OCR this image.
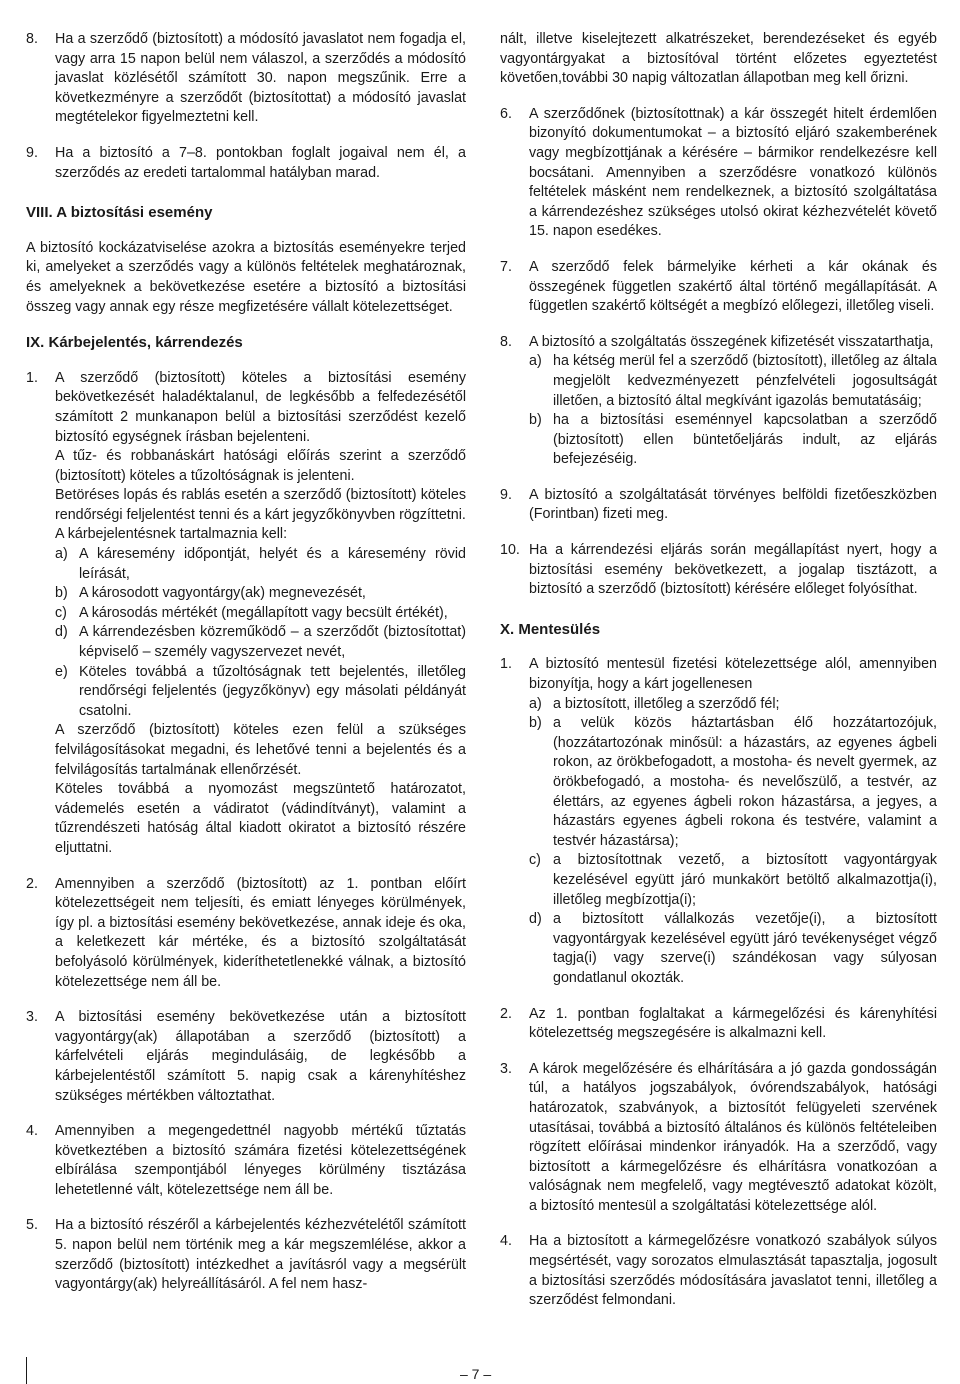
8.	Ha a szerződő (biztosított) a módosító javaslatot nem fogadja el, vagy arra 15 napon belül nem válaszol, a szerződés a módosító javaslat közlésétől számított 30. napon megszűnik. Erre a következményre a szerződőt (biztosítottat) a módosító javaslat megtételekor figyelmeztetni kell.

9.	Ha a biztosító a 7–8. pontokban foglalt jogaival nem él, a szerződés az eredeti tartalommal hatályban marad.

VIII. A biztosítási esemény

A biztosító kockázatviselése azokra a biztosítás eseményekre terjed ki, amelyeket a szerződés vagy a különös feltételek meghatároznak, és amelyeknek a bekövetkezése esetére a biztosító a biztosítási összeg vagy annak egy része megfizetésére vállalt kötelezettséget.

IX. Kárbejelentés, kárrendezés
1.	A szerződő (biztosított) köteles a biztosítási esemény bekövetkezését haladéktalanul, de legkésőbb a felfedezésétől számított 2 munkanapon belül a biztosítási szerződést kezelő biztosító egységnek írásban bejelenteni.

A tűz- és robbanáskárt hatósági előírás szerint a szerződő (biztosított) köteles a tűzoltóságnak is jelenteni.

Betöréses lopás és rablás esetén a szerződő (biztosított) köteles rendőrségi feljelentést tenni és a kárt jegyzőkönyvben rögzíttetni.

A kárbejelentésnek tartalmaznia kell:

a) A káresemény időpontját, helyét és a káresemény rövid leírását,
b) A károsodott vagyontárgy(ak) megnevezését,
c) A károsodás mértékét (megállapított vagy becsült értékét),
d) A kárrendezésben közreműködő – a szerződőt (biztosítottat) képviselő – személy vagyszervezet nevét,
e) Köteles továbbá a tűzoltóságnak tett bejelentés, illetőleg rendőrségi feljelentés (jegyzőkönyv) egy másolati példányát csatolni.

A szerződő (biztosított) köteles ezen felül a szükséges felvilágosításokat megadni, és lehetővé tenni a bejelentés és a felvilágosítás tartalmának ellenőrzését.

Köteles továbbá a nyomozást megszüntető határozatot, vádemelés esetén a vádiratot (vádindítványt), valamint a tűzrendészeti hatóság által kiadott okiratot a biztosító részére eljuttatni.

2.	Amennyiben a szerződő (biztosított) az 1. pontban előírt kötelezettségeit nem teljesíti, és emiatt lényeges körülmények, így pl. a biztosítási esemény bekövetkezése, annak ideje és oka, a keletkezett kár mértéke, és a biztosító szolgáltatását befolyásoló körülmények, kideríthetetlenekké válnak, a biztosító kötelezettsége nem áll be.

3.	A biztosítási esemény bekövetkezése után a biztosított vagyontárgy(ak) állapotában a szerződő (biztosított) a kárfelvételi eljárás megindulásáig, de legkésőbb a kárbejelentéstől számított 5. napig csak a kárenyhítéshez szükséges mértékben változtathat.

4.	Amennyiben a megengedettnél nagyobb mértékű tűztatás következtében a biztosító számára fizetési kötelezettségének elbírálása szempontjából lényeges körülmény tisztázása lehetetlenné vált, kötelezettsége nem áll be.

5.	Ha a biztosító részéről a kárbejelentés kézhezvételétől számított 5. napon belül nem történik meg a kár megszemlélése, akkor a szerződő (biztosított) intézkedhet a javításról vagy a megsérült vagyontárgy(ak) helyreállításáról. A fel nem hasz-

nált, illetve kiselejtezett alkatrészeket, berendezéseket és egyéb vagyontárgyakat a biztosítóval történt előzetes egyeztetést követően,további 30 napig változatlan állapotban meg kell őrizni.

6.	A szerződőnek (biztosítottnak) a kár összegét hitelt érdemlően bizonyító dokumentumokat – a biztosító eljáró szakemberének vagy megbízottjának a kérésére – bármikor rendelkezésre kell bocsátani. Amennyiben a szerződésre vonatkozó különös feltételek másként nem rendelkeznek, a biztosító szolgáltatása a kárrendezéshez szükséges utolsó okirat kézhezvételét követő 15. napon esedékes.

7.	A szerződő felek bármelyike kérheti a kár okának és összegének független szakértő által történő megállapítását. A független szakértő költségét a megbízó előlegezi, illetőleg viseli.

8.	A biztosító a szolgáltatás összegének kifizetését visszatarthatja,

a) ha kétség merül fel a szerződő (biztosított), illetőleg az általa megjelölt kedvezményezett pénzfelvételi jogosultságát illetően, a biztosító által megkívánt igazolás bemutatásáig;
b) ha a biztosítási eseménnyel kapcsolatban a szerződő (biztosított) ellen büntetőeljárás indult, az eljárás befejezéséig.
9.	A biztosító a szolgáltatását törvényes belföldi fizetőeszközben (Forintban) fizeti meg.

10. Ha a kárrendezési eljárás során megállapítást nyert, hogy a biztosítási esemény bekövetkezett, a jogalap tisztázott, a biztosító a szerződő (biztosított) kérésére előleget folyósíthat.

X. Mentesülés
1.	A biztosító mentesül fizetési kötelezettsége alól, amennyiben bizonyítja, hogy a kárt jogellenesen

a) a biztosított, illetőleg a szerződő fél;
b) a velük közös háztartásban élő hozzátartozójuk, (hozzátartozónak minősül: a házastárs, az egyenes ágbeli rokon, az örökbefogadott, a mostoha- és nevelt gyermek, az örökbefogadó, a mostoha- és nevelőszülő, a testvér, az élettárs, az egyenes ágbeli rokon házastársa, a jegyes, a házastárs egyenes ágbeli rokona és testvére, valamint a testvér házastársa);
c) a biztosítottnak vezető, a biztosított vagyontárgyak kezelésével együtt járó munkakört betöltő alkalmazottja(i), illetőleg megbízottja(i);
d) a biztosított vállalkozás vezetője(i), a biztosított vagyontárgyak kezelésével együtt járó tevékenységet végző tagja(i) vagy szerve(i) szándékosan vagy súlyosan gondatlanul okozták.
2.	Az 1. pontban foglaltakat a kármegelőzési és kárenyhítési kötelezettség megszegésére is alkalmazni kell.

3.	A károk megelőzésére és elhárítására a jó gazda gondosságán túl, a hatályos jogszabályok, óvórendszabályok, hatósági határozatok, szabványok, a biztosítót felügyeleti szervének utasításai, továbbá a biztosító általános és különös feltételeiben rögzített előírásai mindenkor irányadók. Ha a szerződő, vagy biztosított a kármegelőzésre és elhárításra vonatkozóan a valóságnak nem megfelelő, vagy megtévesztő adatokat közölt, a biztosító mentesül a szolgáltatási kötelezettsége alól.

4.	Ha a biztosított a kármegelőzésre vonatkozó szabályok súlyos megsértését, vagy sorozatos elmulasztását tapasztalja, jogosult a biztosítási szerződés módosítására javaslatot tenni, illetőleg a szerződést felmondani.

– 7 –
